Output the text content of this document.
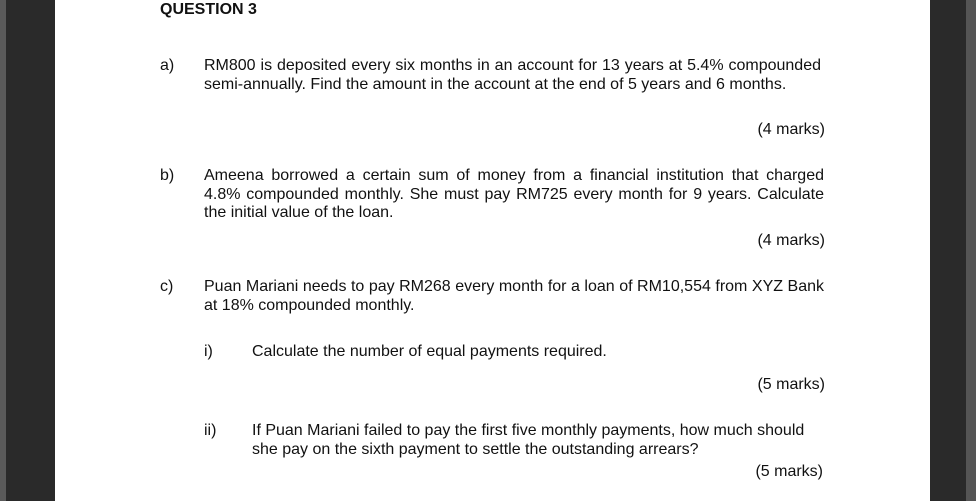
QUESTION 3
a) RM800 is deposited every six months in an account for 13 years at 5.4% compounded semi-annually. Find the amount in the account at the end of 5 years and 6 months.
(4 marks)
b) Ameena borrowed a certain sum of money from a financial institution that charged 4.8% compounded monthly. She must pay RM725 every month for 9 years. Calculate the initial value of the loan.
(4 marks)
c) Puan Mariani needs to pay RM268 every month for a loan of RM10,554 from XYZ Bank at 18% compounded monthly.
i) Calculate the number of equal payments required.
(5 marks)
ii) If Puan Mariani failed to pay the first five monthly payments, how much should she pay on the sixth payment to settle the outstanding arrears?
(5 marks)
